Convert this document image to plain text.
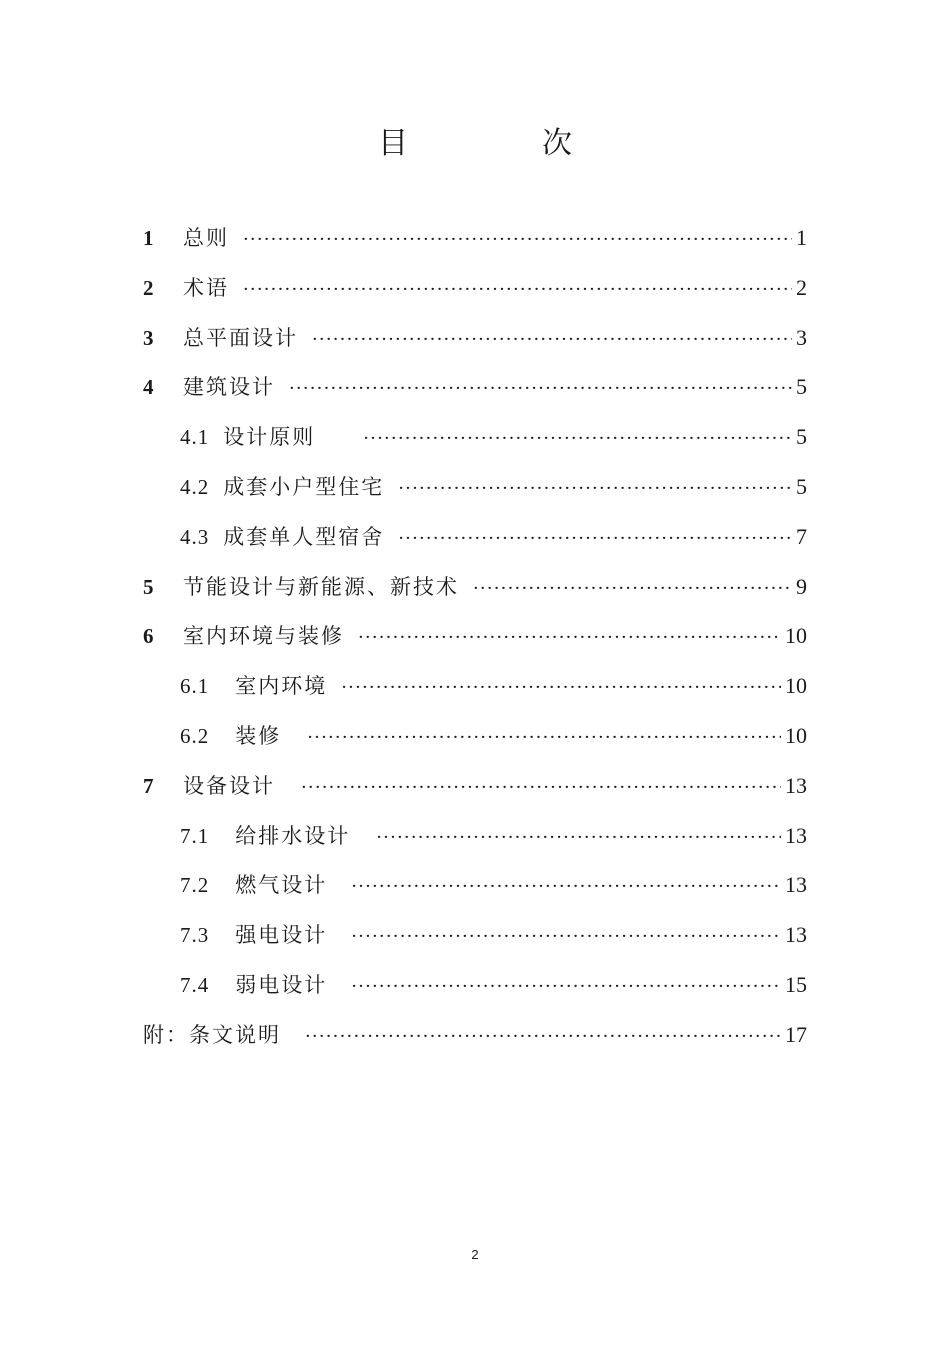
目　次
1	总则 ·····	1
2	术语 ·····	2
3	总平面设计 ·····	3
4	建筑设计 ·····	5
4.1 设计原则 ·····	5
4.2 成套小户型住宅 ·····	5
4.3 成套单人型宿舍 ·····	7
5	节能设计与新能源、新技术 ·····	9
6	室内环境与装修 ·····	10
6.1 室内环境 ·····	10
6.2 装修 ·····	10
7	设备设计 ·····	13
7.1 给排水设计 ·····	13
7.2 燃气设计 ·····	13
7.3 强电设计 ·····	13
7.4 弱电设计 ·····	15
附：条文说明 ·····	17
2
